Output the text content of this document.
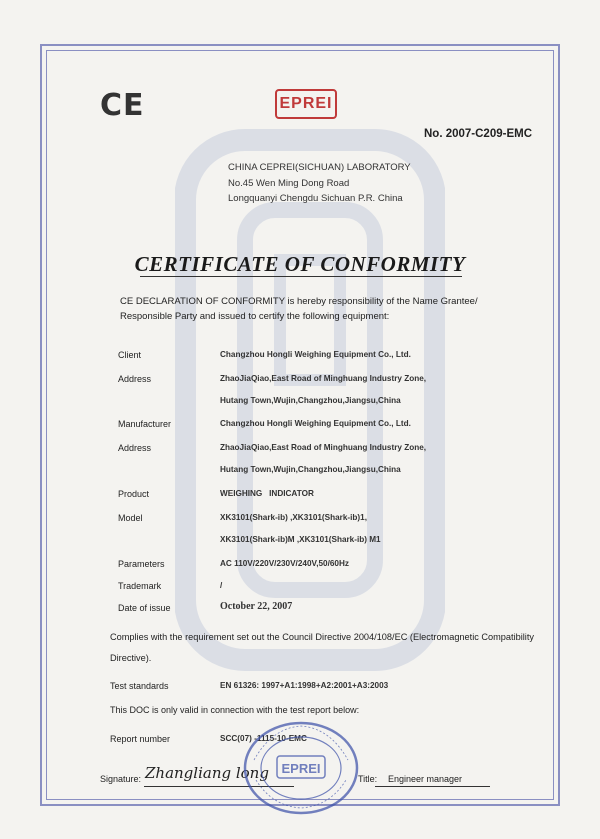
CE	EPREI
No. 2007-C209-EMC
CHINA CEPREI(SICHUAN) LABORATORY
No.45 Wen Ming Dong Road
Longquanyi Chengdu Sichuan P.R. China
CERTIFICATE OF CONFORMITY
CE DECLARATION OF CONFORMITY is hereby responsibility of the Name Grantee/ Responsible Party and issued to certify the following equipment:
Client	Changzhou Hongli Weighing Equipment Co., Ltd.
Address	ZhaoJiaQiao,East Road of Minghuang Industry Zone,
Hutang Town,Wujin,Changzhou,Jiangsu,China
Manufacturer	Changzhou Hongli Weighing Equipment Co., Ltd.
Address	ZhaoJiaQiao,East Road of Minghuang Industry Zone,
Hutang Town,Wujin,Changzhou,Jiangsu,China
Product	WEIGHING   INDICATOR
Model	XK3101(Shark-ib) ,XK3101(Shark-ib)1,
XK3101(Shark-ib)M ,XK3101(Shark-ib) M1
Parameters	AC 110V/220V/230V/240V,50/60Hz
Trademark	/
Date of issue	October 22, 2007
Complies with the requirement set out the Council Directive 2004/108/EC (Electromagnetic Compatibility Directive).
Test standards	EN 61326: 1997+A1:1998+A2:2001+A3:2003
This DOC is only valid in connection with the test report below:
Report number	SCC(07) -1115-10-EMC
Signature: Zhangliang long	Title: Engineer manager
EPREI
